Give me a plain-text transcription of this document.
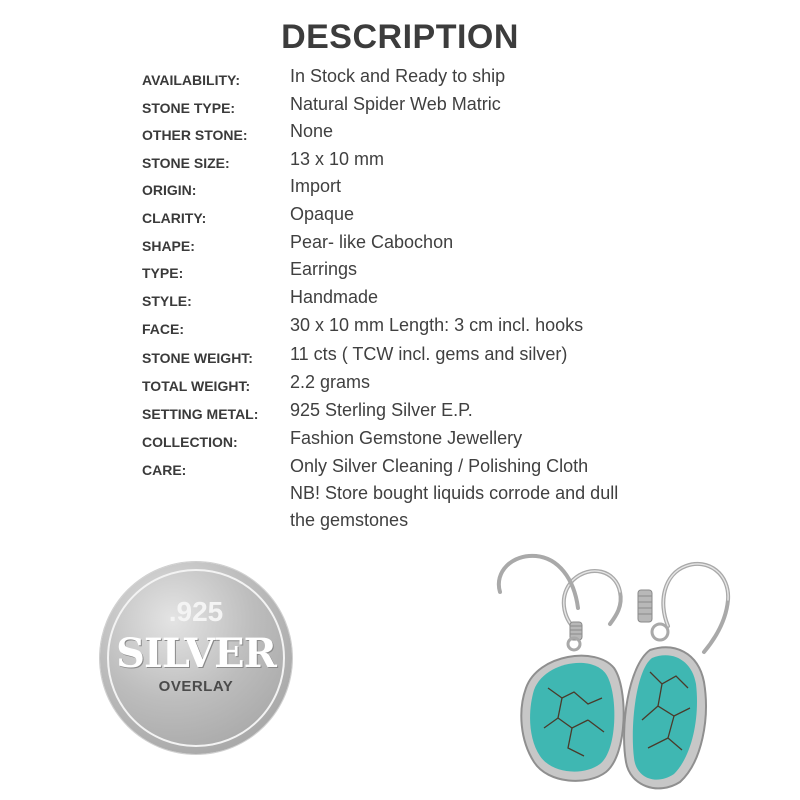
DESCRIPTION
AVAILABILITY:	In Stock and Ready to ship
STONE TYPE:	Natural Spider Web Matric
OTHER STONE: None
STONE SIZE:	13 x 10 mm
ORIGIN:	Import
CLARITY:	Opaque
SHAPE:	Pear- like Cabochon
TYPE:	Earrings
STYLE:	Handmade
FACE:	30 x 10 mm Length: 3 cm incl. hooks
STONE WEIGHT: 11 cts ( TCW incl. gems and silver)
TOTAL WEIGHT: 2.2 grams
SETTING METAL: 925 Sterling Silver E.P.
COLLECTION:	Fashion Gemstone Jewellery
CARE:	Only Silver Cleaning / Polishing Cloth
NB! Store bought liquids corrode and dull
the gemstones
.925
SILVER
OVERLAY
